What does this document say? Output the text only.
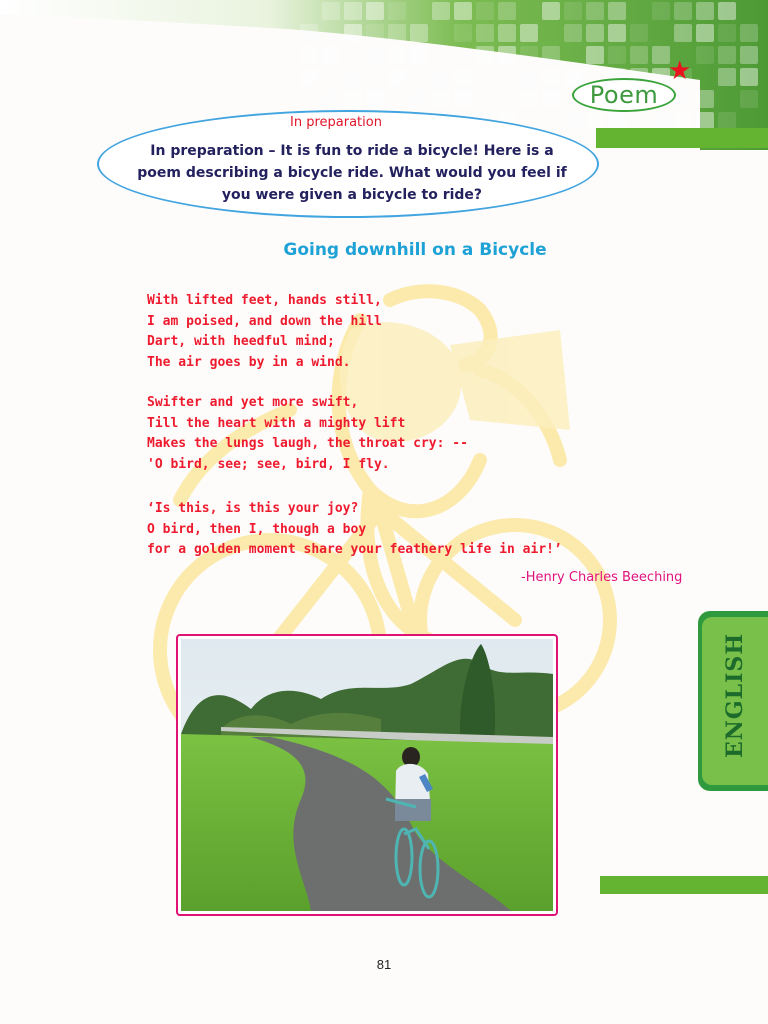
Poem
★
In preparation
In preparation – It is fun to ride a bicycle! Here is a poem describing a bicycle ride. What would you feel if you were given a bicycle to ride?
Going downhill on a Bicycle
With lifted feet, hands still,
I am poised, and down the hill
Dart, with heedful mind;
The air goes by in a wind.
Swifter and yet more swift,
Till the heart with a mighty lift
Makes the lungs laugh, the throat cry: --
'O bird, see; see, bird, I fly.
‘Is this, is this your joy?
O bird, then I, though a boy
for a golden moment share your feathery life in air!’
-Henry Charles Beeching
ENGLISH
81
